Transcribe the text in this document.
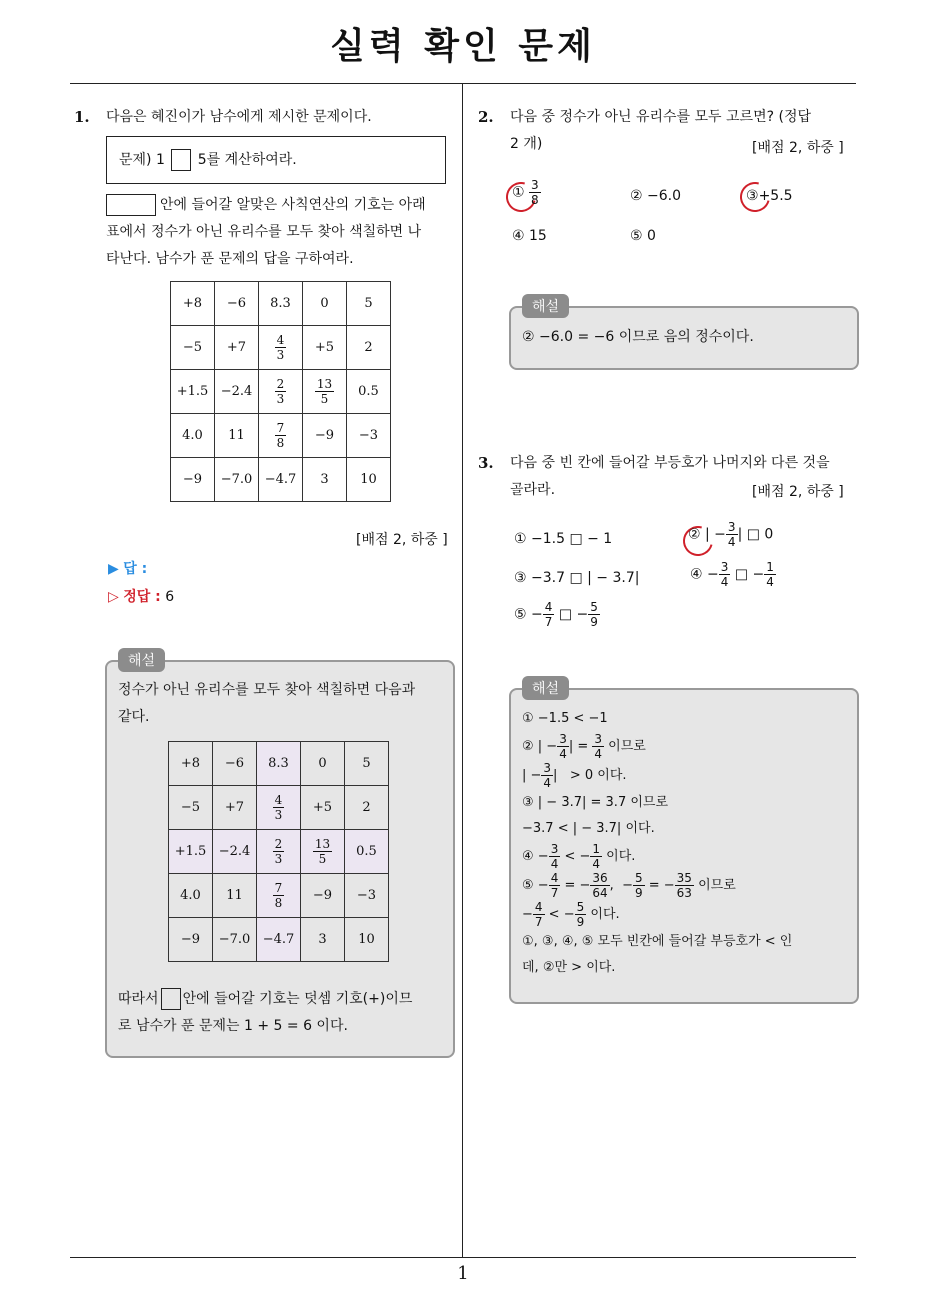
실력 확인 문제
1
1. 다음은 혜진이가 남수에게 제시한 문제이다.
문제) 1 5를 계산하여라.
안에 들어갈 알맞은 사칙연산의 기호는 아래
표에서 정수가 아닌 유리수를 모두 찾아 색칠하면 나
타난다. 남수가 푼 문제의 답을 구하여라.
+8	−6	8.3	0	5
−5	+7	$\frac{4}{3}$	+5	2
+1.5	−2.4	$\frac{2}{3}$	$\frac{13}{5}$	0.5
4.0	11	$\frac{7}{8}$	−9	−3
−9	−7.0	−4.7	3	10
[배점 2, 하중 ]
▶ 답 :
▷ 정답 : 6
해설
정수가 아닌 유리수를 모두 찾아 색칠하면 다음과
같다.
+8	−6	8.3	0	5
−5	+7	$\frac{4}{3}$	+5	2
+1.5	−2.4	$\frac{2}{3}$	$\frac{13}{5}$	0.5
4.0	11	$\frac{7}{8}$	−9	−3
−9	−7.0	−4.7	3	10
따라서 안에 들어갈 기호는 덧셈 기호(+)이므
로 남수가 푼 문제는 1 + 5 = 6 이다.
2. 다음 중 정수가 아닌 유리수를 모두 고르면? (정답
2 개)	[배점 2, 하중 ]
① $\frac{3}{8}$	② −6.0	③+5.5
④ 15	⑤ 0
해설
② −6.0 = −6 이므로 음의 정수이다.
3. 다음 중 빈 칸에 들어갈 부등호가 나머지와 다른 것을
골라라.	[배점 2, 하중 ]
① −1.5 □ − 1	② | − $\frac{3}{4}$ | □ 0
③ −3.7 □ | − 3.7|	④ − $\frac{3}{4}$ □ − $\frac{1}{4}$
⑤ − $\frac{4}{7}$ □ − $\frac{5}{9}$
해설
① −1.5 < −1
② | − $\frac{3}{4}$ | = $\frac{3}{4}$ 이므로
| − $\frac{3}{4}$ |   > 0 이다.
③ | − 3.7| = 3.7 이므로
−3.7 < | − 3.7| 이다.
④ − $\frac{3}{4}$ < − $\frac{1}{4}$ 이다.
⑤ − $\frac{4}{7}$ = − $\frac{36}{64}$ ,  − $\frac{5}{9}$ = − $\frac{35}{63}$ 이므로
− $\frac{4}{7}$ < − $\frac{5}{9}$ 이다.
①, ③, ④, ⑤ 모두 빈칸에 들어갈 부등호가 < 인
데, ②만 > 이다.
